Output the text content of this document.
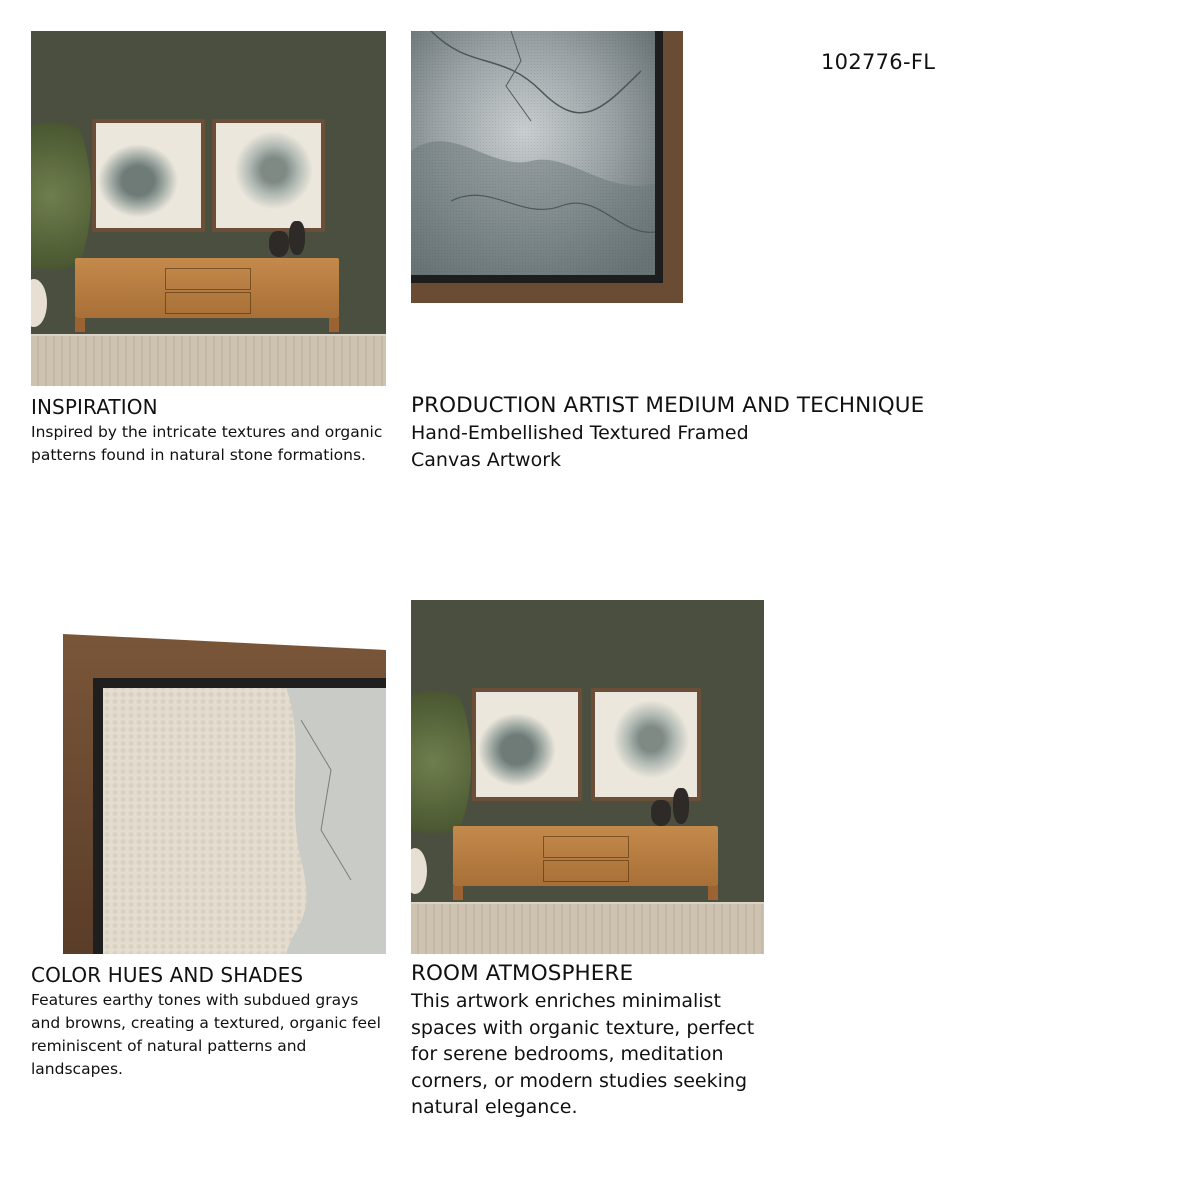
102776-FL
INSPIRATION
Inspired by the intricate textures and organic patterns found in natural stone formations.
PRODUCTION ARTIST MEDIUM AND TECHNIQUE
Hand-Embellished Textured Framed Canvas Artwork
COLOR HUES AND SHADES
Features earthy tones with subdued grays and browns, creating a textured, organic feel reminiscent of natural patterns and landscapes.
ROOM ATMOSPHERE
This artwork enriches minimalist spaces with organic texture, perfect for serene bedrooms, meditation corners, or modern studies seeking natural elegance.
